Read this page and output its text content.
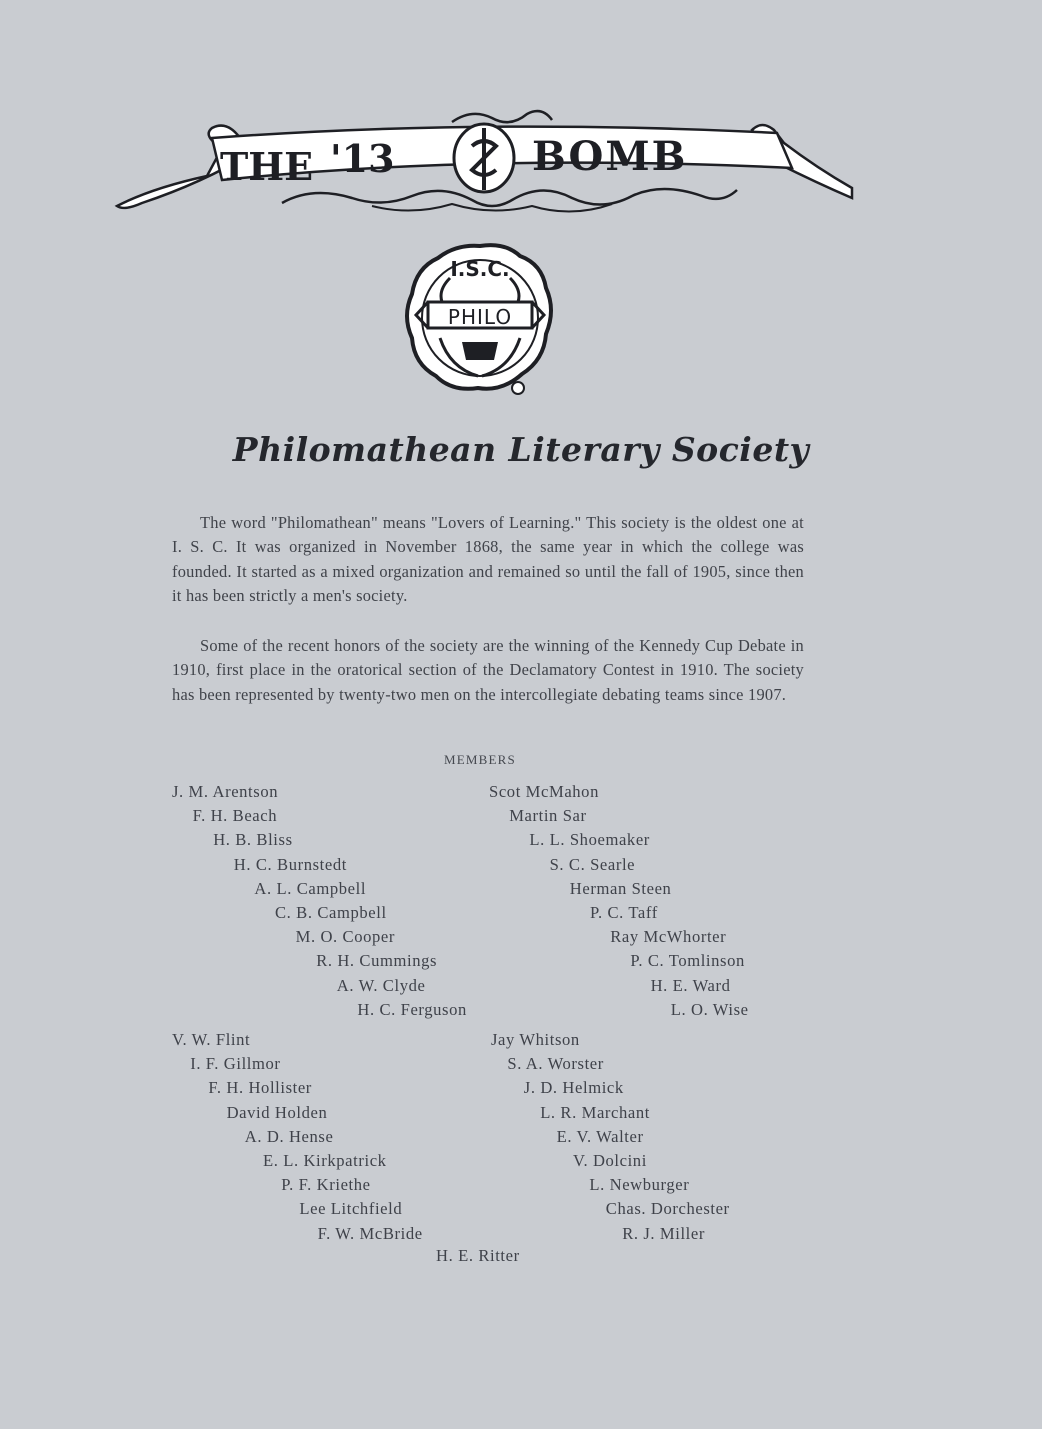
THE '13	BOMB
I.S.C.
PHILO
Philomathean Literary Society
The word "Philomathean" means "Lovers of Learning." This society is the oldest one at I. S. C. It was organized in November 1868, the same year in which the college was founded. It started as a mixed organization and remained so until the fall of 1905, since then it has been strictly a men's society.
Some of the recent honors of the society are the winning of the Kennedy Cup Debate in 1910, first place in the oratorical section of the Declamatory Contest in 1910. The society has been represented by twenty-two men on the intercollegiate debating teams since 1907.
MEMBERS
J. M. Arentson
F. H. Beach
H. B. Bliss
H. C. Burnstedt
A. L. Campbell
C. B. Campbell
M. O. Cooper
R. H. Cummings
A. W. Clyde
H. C. Ferguson
Scot McMahon
Martin Sar
L. L. Shoemaker
S. C. Searle
Herman Steen
P. C. Taff
Ray McWhorter
P. C. Tomlinson
H. E. Ward
L. O. Wise
V. W. Flint
I. F. Gillmor
F. H. Hollister
David Holden
A. D. Hense
E. L. Kirkpatrick
P. F. Kriethe
Lee Litchfield
F. W. McBride
Jay Whitson
S. A. Worster
J. D. Helmick
L. R. Marchant
E. V. Walter
V. Dolcini
L. Newburger
Chas. Dorchester
R. J. Miller
H. E. Ritter
